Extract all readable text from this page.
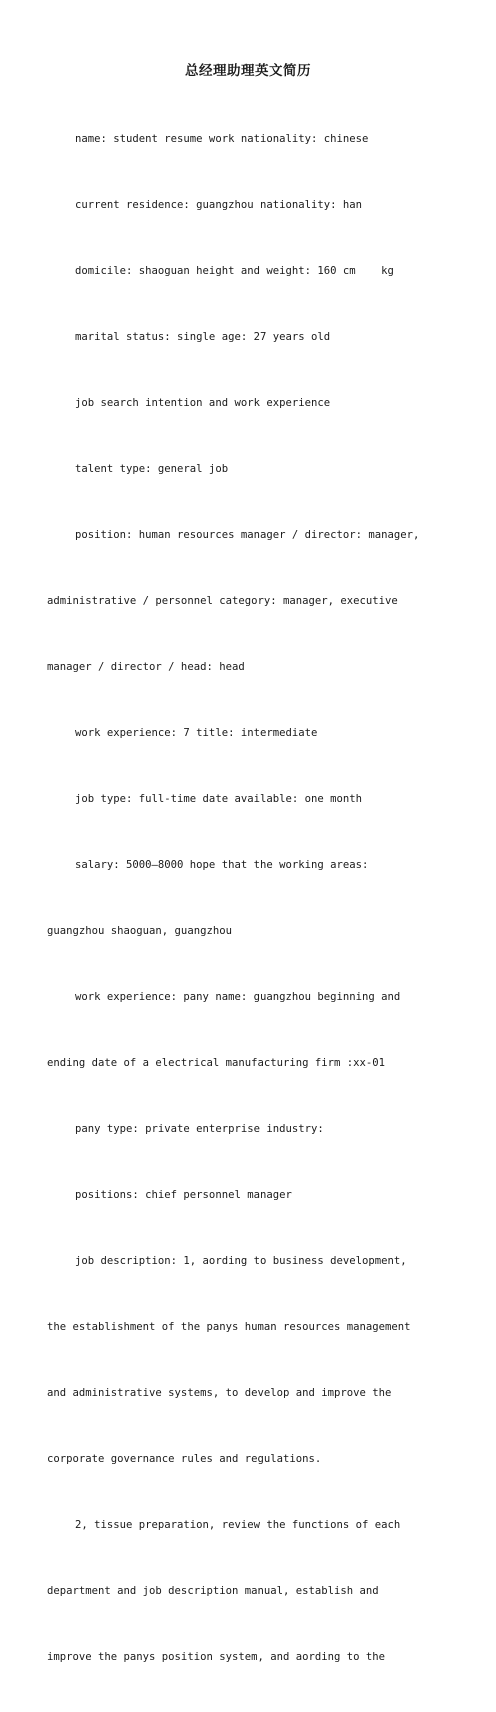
总经理助理英文简历

name: student resume work nationality: chinese

current residence: guangzhou nationality: han

domicile: shaoguan height and weight: 160 cm    kg

marital status: single age: 27 years old

job search intention and work experience

talent type: general job

position: human resources manager / director: manager,

administrative / personnel category: manager, executive

manager / director / head: head

work experience: 7 title: intermediate

job type: full-time date available: one month

salary: 5000—8000 hope that the working areas:

guangzhou shaoguan, guangzhou

work experience: pany name: guangzhou beginning and

ending date of a electrical manufacturing firm :xx-01

pany type: private enterprise industry:

positions: chief personnel manager

job description: 1, aording to business development,

the establishment of the panys human resources management

and administrative systems, to develop and improve the

corporate governance rules and regulations.

2, tissue preparation, review the functions of each

department and job description manual, establish and

improve the panys position system, and aording to the
